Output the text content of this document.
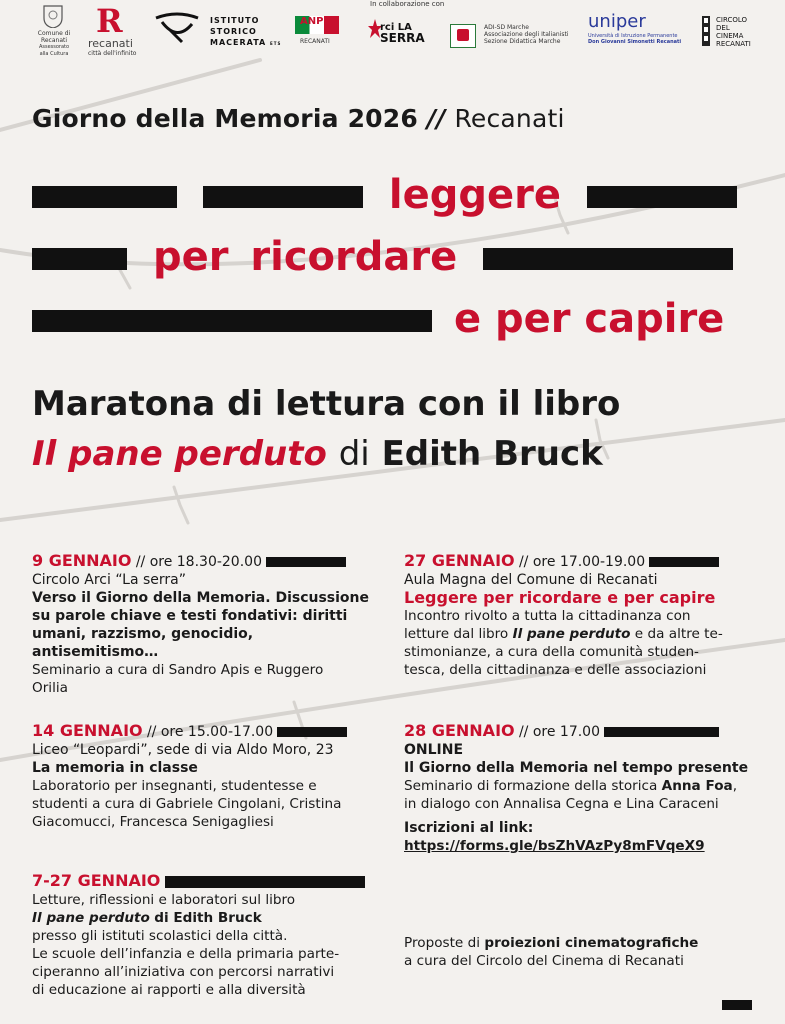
In collaborazione con
Comune di Recanati
Assessorato alla Cultura
R
recanati
città dell'infinito
ISTITUTO
STORICO
MACERATA ETS
ANPI
RECANATI
rci LA
SERRA
ADI-SD Marche
Associazione degli Italianisti
Sezione Didattica Marche
uniper
Università di Istruzione Permanente
Don Giovanni Simonetti Recanati
CIRCOLO
DEL
CINEMA
RECANATI
Giorno della Memoria 2026 // Recanati
leggere
per ricordare
e per capire
Maratona di lettura con il libro
Il pane perduto di Edith Bruck
9 GENNAIO // ore 18.30-20.00
Circolo Arci “La serra”
Verso il Giorno della Memoria. Discussione
su parole chiave e testi fondativi: diritti
umani, razzismo, genocidio, antisemitismo…
Seminario a cura di Sandro Apis e Ruggero
Orilia
14 GENNAIO // ore 15.00-17.00
Liceo “Leopardi”, sede di via Aldo Moro, 23
La memoria in classe
Laboratorio per insegnanti, studentesse e
studenti a cura di Gabriele Cingolani, Cristina
Giacomucci, Francesca Senigagliesi
7-27 GENNAIO
Letture, riflessioni e laboratori sul libro
Il pane perduto di Edith Bruck
presso gli istituti scolastici della città.
Le scuole dell’infanzia e della primaria parte-
ciperanno all’iniziativa con percorsi narrativi
di educazione ai rapporti e alla diversità
27 GENNAIO // ore 17.00-19.00
Aula Magna del Comune di Recanati
Leggere per ricordare e per capire
Incontro rivolto a tutta la cittadinanza con
letture dal libro Il pane perduto e da altre te-
stimonianze, a cura della comunità studen-
tesca, della cittadinanza e delle associazioni
28 GENNAIO // ore 17.00
ONLINE
Il Giorno della Memoria nel tempo presente
Seminario di formazione della storica Anna Foa,
in dialogo con Annalisa Cegna e Lina Caraceni
Iscrizioni al link:
https://forms.gle/bsZhVAzPy8mFVqeX9
Proposte di proiezioni cinematografiche
a cura del Circolo del Cinema di Recanati
